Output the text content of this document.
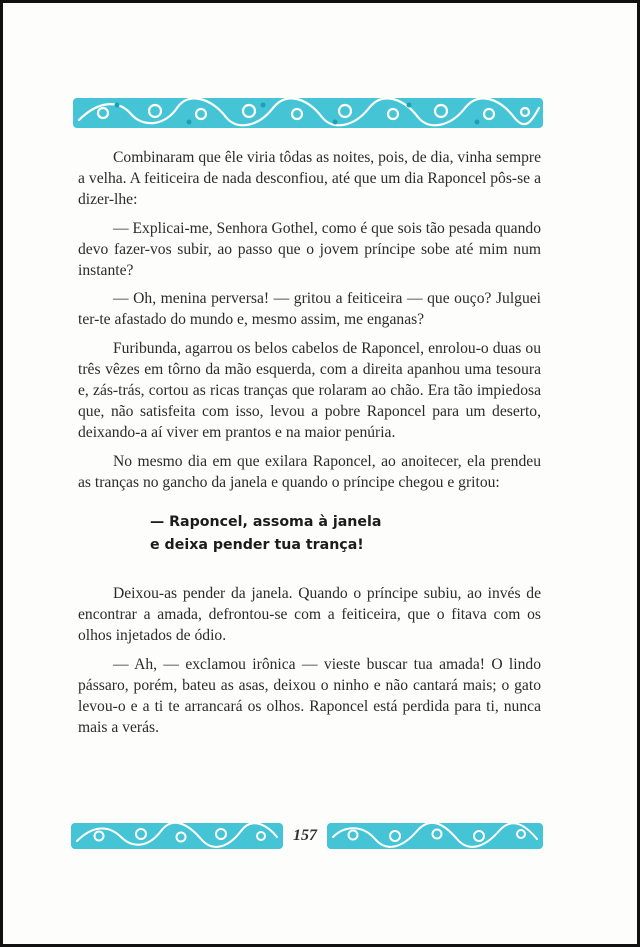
Combinaram que êle viria tôdas as noites, pois, de dia, vinha sempre a velha. A feiticeira de nada desconfiou, até que um dia Raponcel pôs-se a dizer-lhe:

— Explicai-me, Senhora Gothel, como é que sois tão pesada quando devo fazer-vos subir, ao passo que o jovem príncipe sobe até mim num instante?

— Oh, menina perversa! — gritou a feiticeira — que ouço? Julguei ter-te afastado do mundo e, mesmo assim, me enganas?

Furibunda, agarrou os belos cabelos de Raponcel, enrolou-o duas ou três vêzes em tôrno da mão esquerda, com a direita apanhou uma tesoura e, zás-trás, cortou as ricas tranças que rolaram ao chão. Era tão impiedosa que, não satisfeita com isso, levou a pobre Raponcel para um deserto, deixando-a aí viver em prantos e na maior penúria.

No mesmo dia em que exilara Raponcel, ao anoitecer, ela prendeu as tranças no gancho da janela e quando o príncipe chegou e gritou:

— Raponcel, assoma à janela
e deixa pender tua trança!

Deixou-as pender da janela. Quando o príncipe subiu, ao invés de encontrar a amada, defrontou-se com a feiticeira, que o fitava com os olhos injetados de ódio.

— Ah, — exclamou irônica — vieste buscar tua amada! O lindo pássaro, porém, bateu as asas, deixou o ninho e não cantará mais; o gato levou-o e a ti te arrancará os olhos. Raponcel está perdida para ti, nunca mais a verás.

157
